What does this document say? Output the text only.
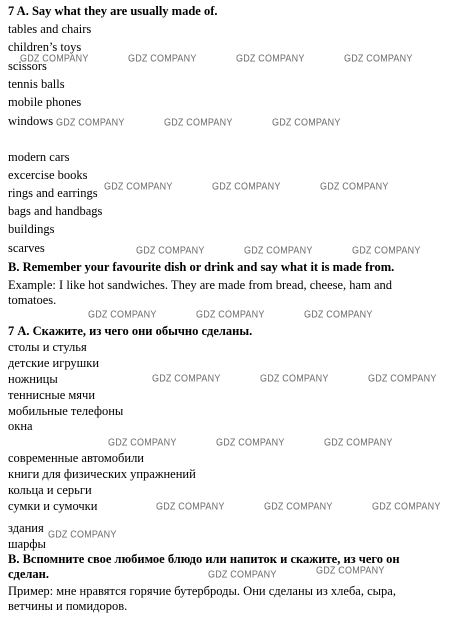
7 A. Say what they are usually made of.
tables and chairs
children’s toys
scissors
tennis balls
mobile phones
windows
modern cars
excercise books
rings and earrings
bags and handbags
buildings
scarves
B. Remember your favourite dish or drink and say what it is made from.
Example: I like hot sandwiches. They are made from bread, cheese, ham and tomatoes.
7 А. Скажите, из чего они обычно сделаны.
столы и стулья
детские игрушки
ножницы
теннисные мячи
мобильные телефоны
окна
современные автомобили
книги для физических упражнений
кольца и серьги
сумки и сумочки
здания
шарфы
В. Вспомните свое любимое блюдо или напиток и скажите, из чего он сделан.
Пример: мне нравятся горячие бутерброды. Они сделаны из хлеба, сыра, ветчины и помидоров.
GDZ COMPANY	GDZ COMPANY	GDZ COMPANY	GDZ COMPANY
GDZ COMPANY	GDZ COMPANY	GDZ COMPANY
GDZ COMPANY	GDZ COMPANY	GDZ COMPANY
GDZ COMPANY	GDZ COMPANY	GDZ COMPANY
GDZ COMPANY	GDZ COMPANY	GDZ COMPANY
GDZ COMPANY	GDZ COMPANY	GDZ COMPANY
GDZ COMPANY	GDZ COMPANY	GDZ COMPANY
GDZ COMPANY	GDZ COMPANY	GDZ COMPANY
GDZ COMPANY
GDZ COMPANY
GDZ COMPANY
